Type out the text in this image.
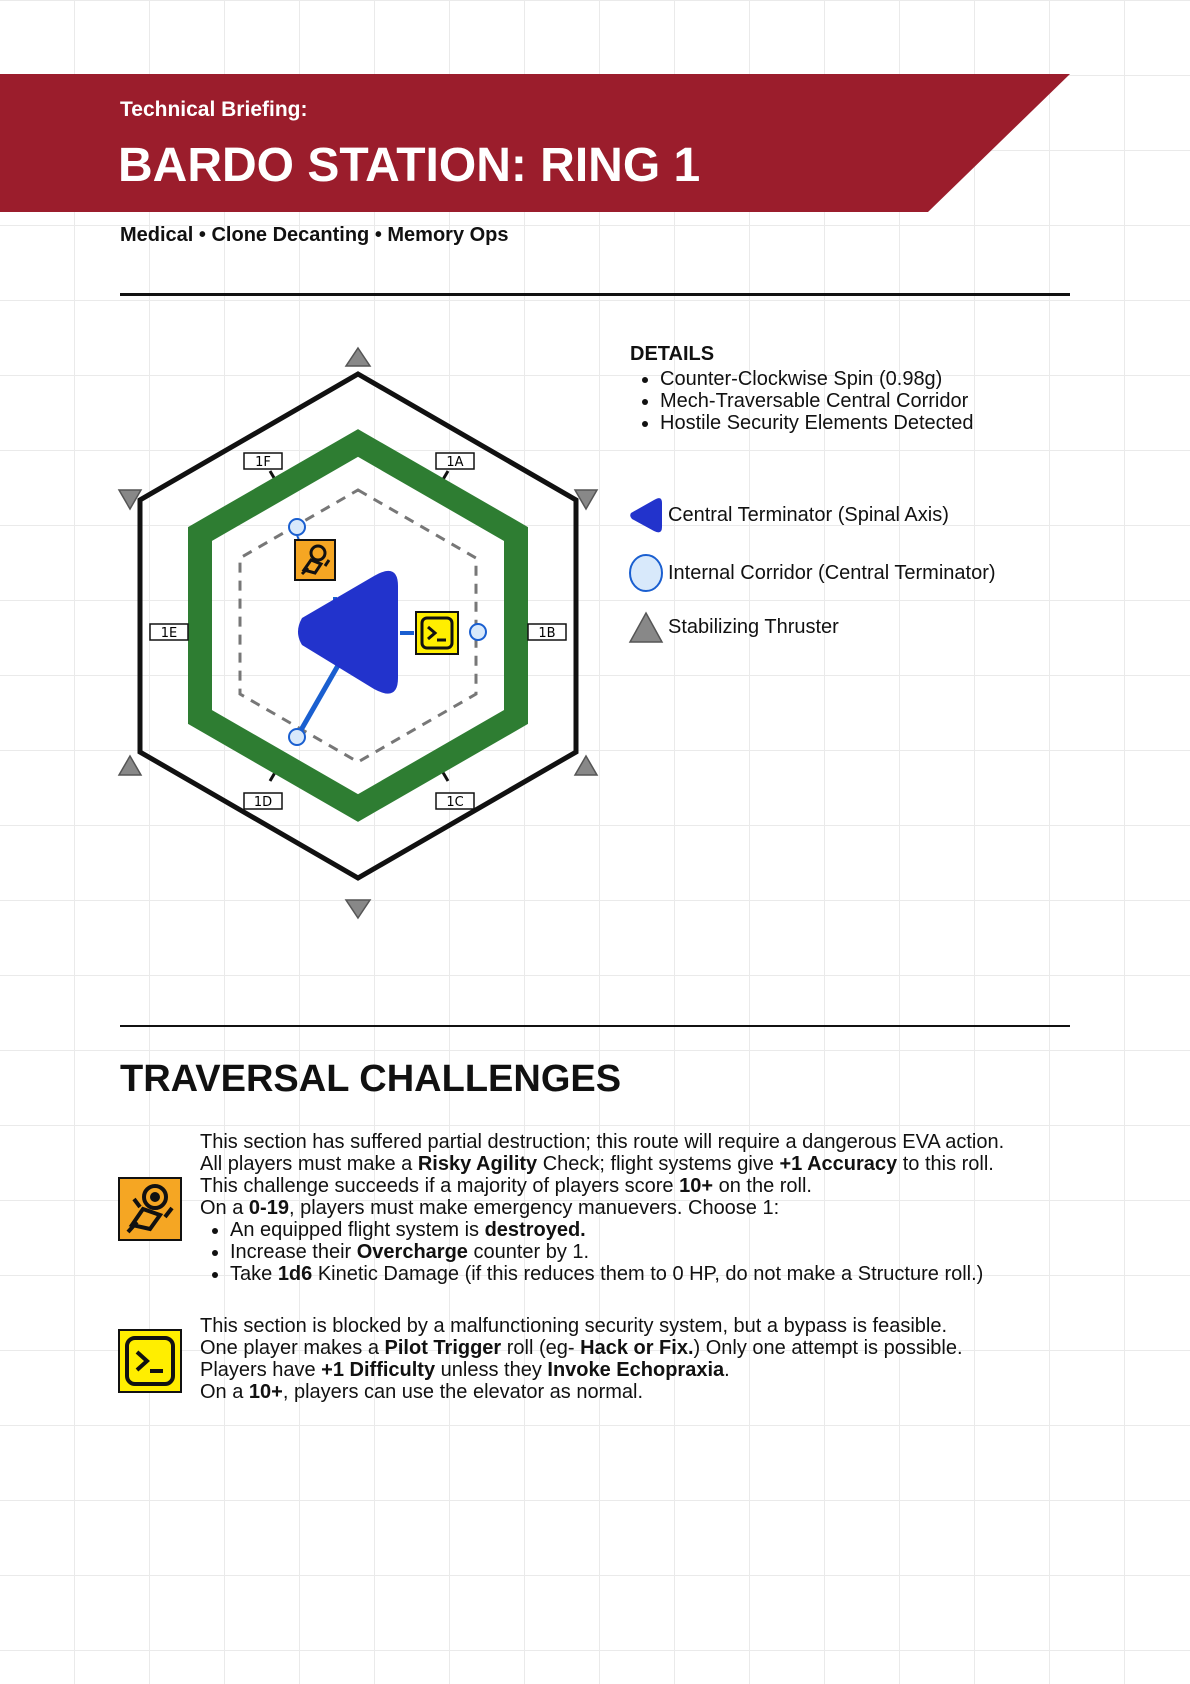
Technical Briefing:
BARDO STATION: RING 1
Medical • Clone Decanting • Memory Ops
1A
1B
1C
1D
1E
1F
DETAILS
• Counter-Clockwise Spin (0.98g)
• Mech-Traversable Central Corridor
• Hostile Security Elements Detected
Central Terminator (Spinal Axis)
Internal Corridor (Central Terminator)
Stabilizing Thruster
TRAVERSAL CHALLENGES

This section has suffered partial destruction; this route will require a dangerous EVA action.

All players must make a Risky Agility Check; flight systems give +1 Accuracy to this roll.

This challenge succeeds if a majority of players score 10+ on the roll.

On a 0-19, players must make emergency manuevers. Choose 1:

• An equipped flight system is destroyed.
• Increase their Overcharge counter by 1.
• Take 1d6 Kinetic Damage (if this reduces them to 0 HP, do not make a Structure roll.)

This section is blocked by a malfunctioning security system, but a bypass is feasible.

One player makes a Pilot Trigger roll (eg- Hack or Fix.) Only one attempt is possible.

Players have +1 Difficulty unless they Invoke Echopraxia.

On a 10+, players can use the elevator as normal.
